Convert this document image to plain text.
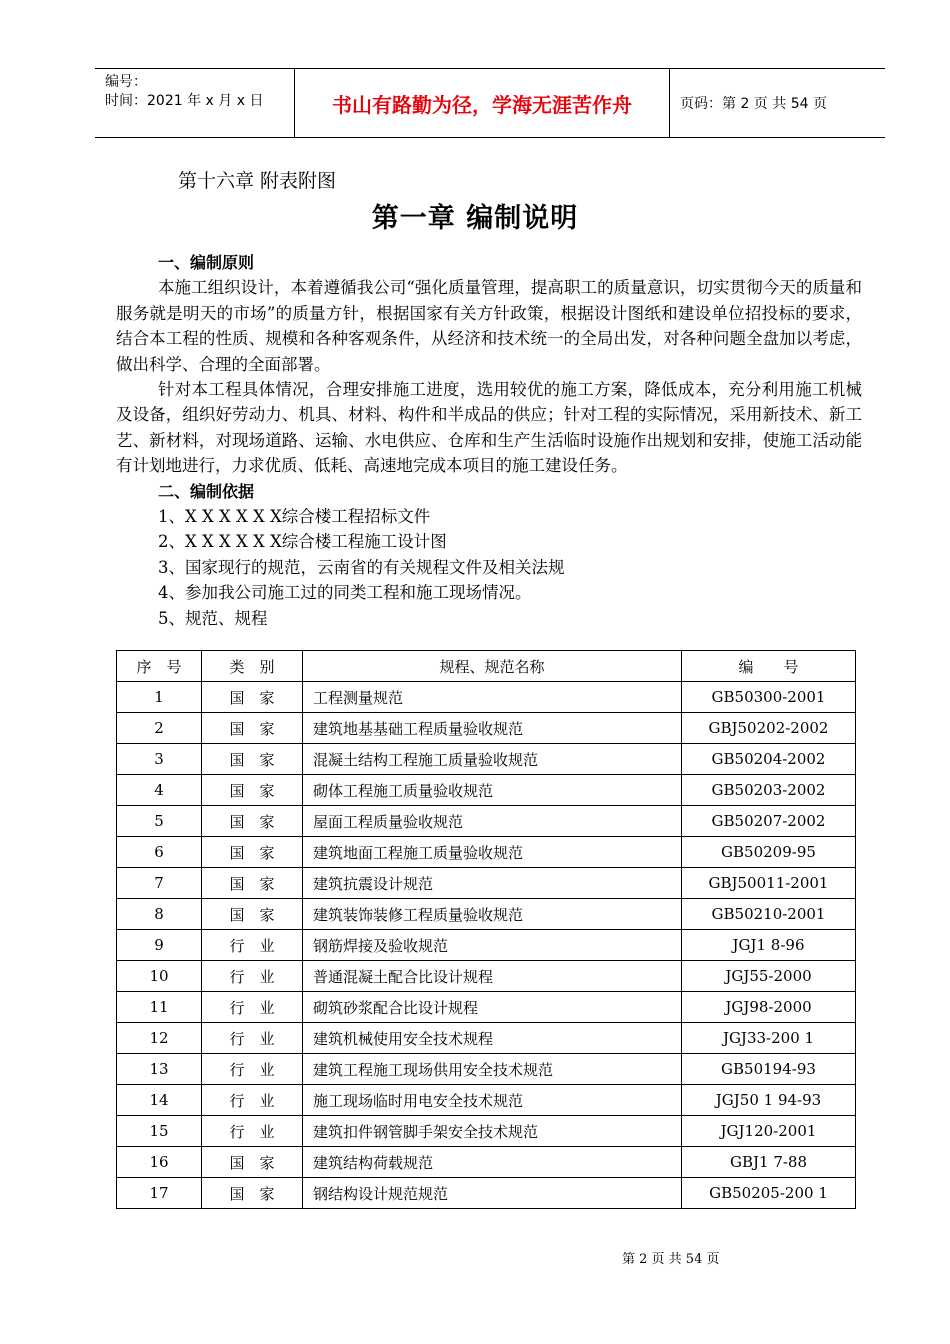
编号：
时间：2021 年 x 月 x 日	书山有路勤为径，学海无涯苦作舟	页码：第 2 页 共 54 页
第十六章 附表附图
第一章 编制说明
一、编制原则

本施工组织设计，本着遵循我公司“强化质量管理，提高职工的质量意识，切实贯彻今天的质量和服务就是明天的市场”的质量方针，根据国家有关方针政策，根据设计图纸和建设单位招投标的要求，结合本工程的性质、规模和各种客观条件，从经济和技术统一的全局出发，对各种问题全盘加以考虑，做出科学、合理的全面部署。

针对本工程具体情况，合理安排施工进度，选用较优的施工方案，降低成本，充分利用施工机械及设备，组织好劳动力、机具、材料、构件和半成品的供应；针对工程的实际情况，采用新技术、新工艺、新材料，对现场道路、运输、水电供应、仓库和生产生活临时设施作出规划和安排，使施工活动能有计划地进行，力求优质、低耗、高速地完成本项目的施工建设任务。

二、编制依据
1、X X X X X X综合楼工程招标文件
2、X X X X X X综合楼工程施工设计图
3、国家现行的规范，云南省的有关规程文件及相关法规
4、参加我公司施工过的同类工程和施工现场情况。
5、规范、规程
序　号	类　别	规程、规范名称	编　　号
1	国　家	工程测量规范	GB50300-2001
2	国　家	建筑地基基础工程质量验收规范	GBJ50202-2002
3	国　家	混凝土结构工程施工质量验收规范	GB50204-2002
4	国　家	砌体工程施工质量验收规范	GB50203-2002
5	国　家	屋面工程质量验收规范	GB50207-2002
6	国　家	建筑地面工程施工质量验收规范	GB50209-95
7	国　家	建筑抗震设计规范	GBJ50011-2001
8	国　家	建筑装饰装修工程质量验收规范	GB50210-2001
9	行　业	钢筋焊接及验收规范	JGJ1 8-96
10	行　业	普通混凝土配合比设计规程	JGJ55-2000
11	行　业	砌筑砂浆配合比设计规程	JGJ98-2000
12	行　业	建筑机械使用安全技术规程	JGJ33-200 1
13	行　业	建筑工程施工现场供用安全技术规范	GB50194-93
14	行　业	施工现场临时用电安全技术规范	JGJ50 1 94-93
15	行　业	建筑扣件钢管脚手架安全技术规范	JGJ120-2001
16	国　家	建筑结构荷载规范	GBJ1 7-88
17	国　家	钢结构设计规范规范	GB50205-200 1
第 2 页 共 54 页
